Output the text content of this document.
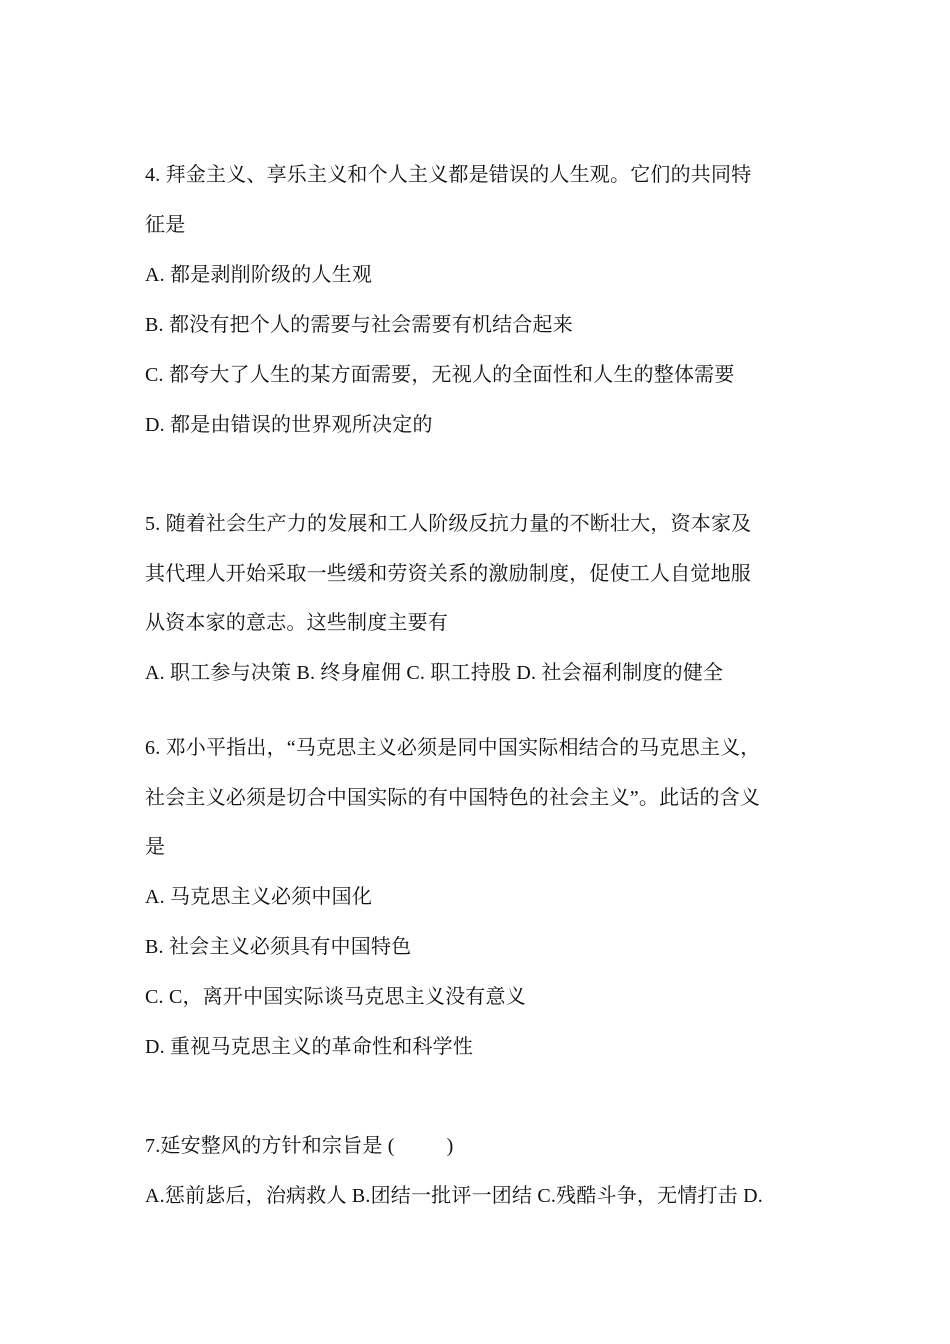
4. 拜金主义、享乐主义和个人主义都是错误的人生观。它们的共同特
征是
A. 都是剥削阶级的人生观
B. 都没有把个人的需要与社会需要有机结合起来
C. 都夸大了人生的某方面需要，无视人的全面性和人生的整体需要
D. 都是由错误的世界观所决定的
5. 随着社会生产力的发展和工人阶级反抗力量的不断壮大，资本家及
其代理人开始采取一些缓和劳资关系的激励制度，促使工人自觉地服
从资本家的意志。这些制度主要有
A. 职工参与决策 B. 终身雇佣 C. 职工持股 D. 社会福利制度的健全
6. 邓小平指出，“马克思主义必须是同中国实际相结合的马克思主义，
社会主义必须是切合中国实际的有中国特色的社会主义”。此话的含义
是
A. 马克思主义必须中国化
B. 社会主义必须具有中国特色
C. C，离开中国实际谈马克思主义没有意义
D. 重视马克思主义的革命性和科学性
7.延安整风的方针和宗旨是 (          )
A.惩前毖后，治病救人 B.团结一批评一团结 C.残酷斗争，无情打击 D.
